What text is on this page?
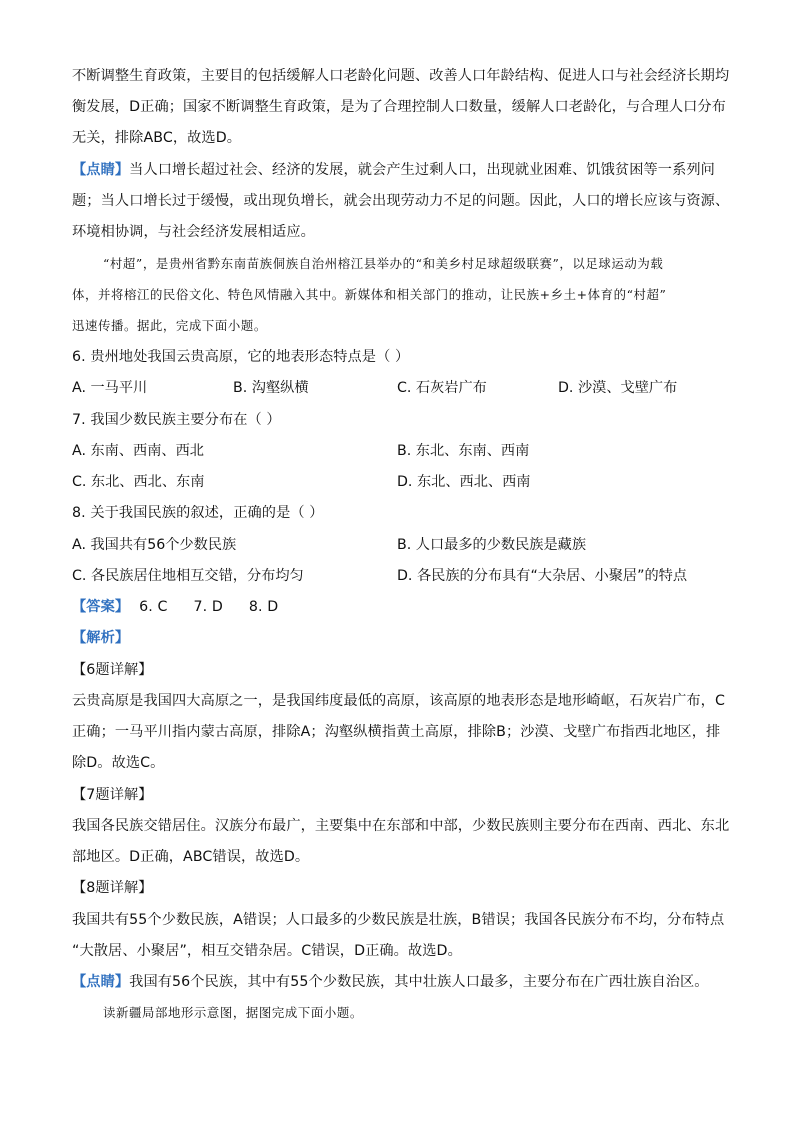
不断调整生育政策，主要目的包括缓解人口老龄化问题、改善人口年龄结构、促进人口与社会经济长期均

衡发展，D正确；国家不断调整生育政策，是为了合理控制人口数量，缓解人口老龄化，与合理人口分布

无关，排除ABC，故选D。

【点睛】当人口增长超过社会、经济的发展，就会产生过剩人口，出现就业困难、饥饿贫困等一系列问

题；当人口增长过于缓慢，或出现负增长，就会出现劳动力不足的问题。因此，人口的增长应该与资源、

环境相协调，与社会经济发展相适应。

“村超”，是贵州省黔东南苗族侗族自治州榕江县举办的“和美乡村足球超级联赛”，以足球运动为载

体，并将榕江的民俗文化、特色风情融入其中。新媒体和相关部门的推动，让民族+乡土+体育的“村超”

迅速传播。据此，完成下面小题。

6. 贵州地处我国云贵高原，它的地表形态特点是（ ）

A. 一马平川	B. 沟壑纵横	C. 石灰岩广布	D. 沙漠、戈壁广布

7. 我国少数民族主要分布在（ ）

A. 东南、西南、西北	B. 东北、东南、西南

C. 东北、西北、东南	D. 东北、西北、西南

8. 关于我国民族的叙述，正确的是（ ）

A. 我国共有56个少数民族	B. 人口最多的少数民族是藏族

C. 各民族居住地相互交错，分布均匀	D. 各民族的分布具有“大杂居、小聚居”的特点

【答案】 6. C 7. D 8. D

【解析】

【6题详解】

云贵高原是我国四大高原之一，是我国纬度最低的高原，该高原的地表形态是地形崎岖，石灰岩广布，C

正确；一马平川指内蒙古高原，排除A；沟壑纵横指黄土高原，排除B；沙漠、戈壁广布指西北地区，排

除D。故选C。

【7题详解】

我国各民族交错居住。汉族分布最广，主要集中在东部和中部，少数民族则主要分布在西南、西北、东北

部地区。D正确，ABC错误，故选D。

【8题详解】

我国共有55个少数民族，A错误；人口最多的少数民族是壮族，B错误；我国各民族分布不均，分布特点

“大散居、小聚居”，相互交错杂居。C错误，D正确。故选D。

【点睛】我国有56个民族，其中有55个少数民族，其中壮族人口最多，主要分布在广西壮族自治区。

读新疆局部地形示意图，据图完成下面小题。
